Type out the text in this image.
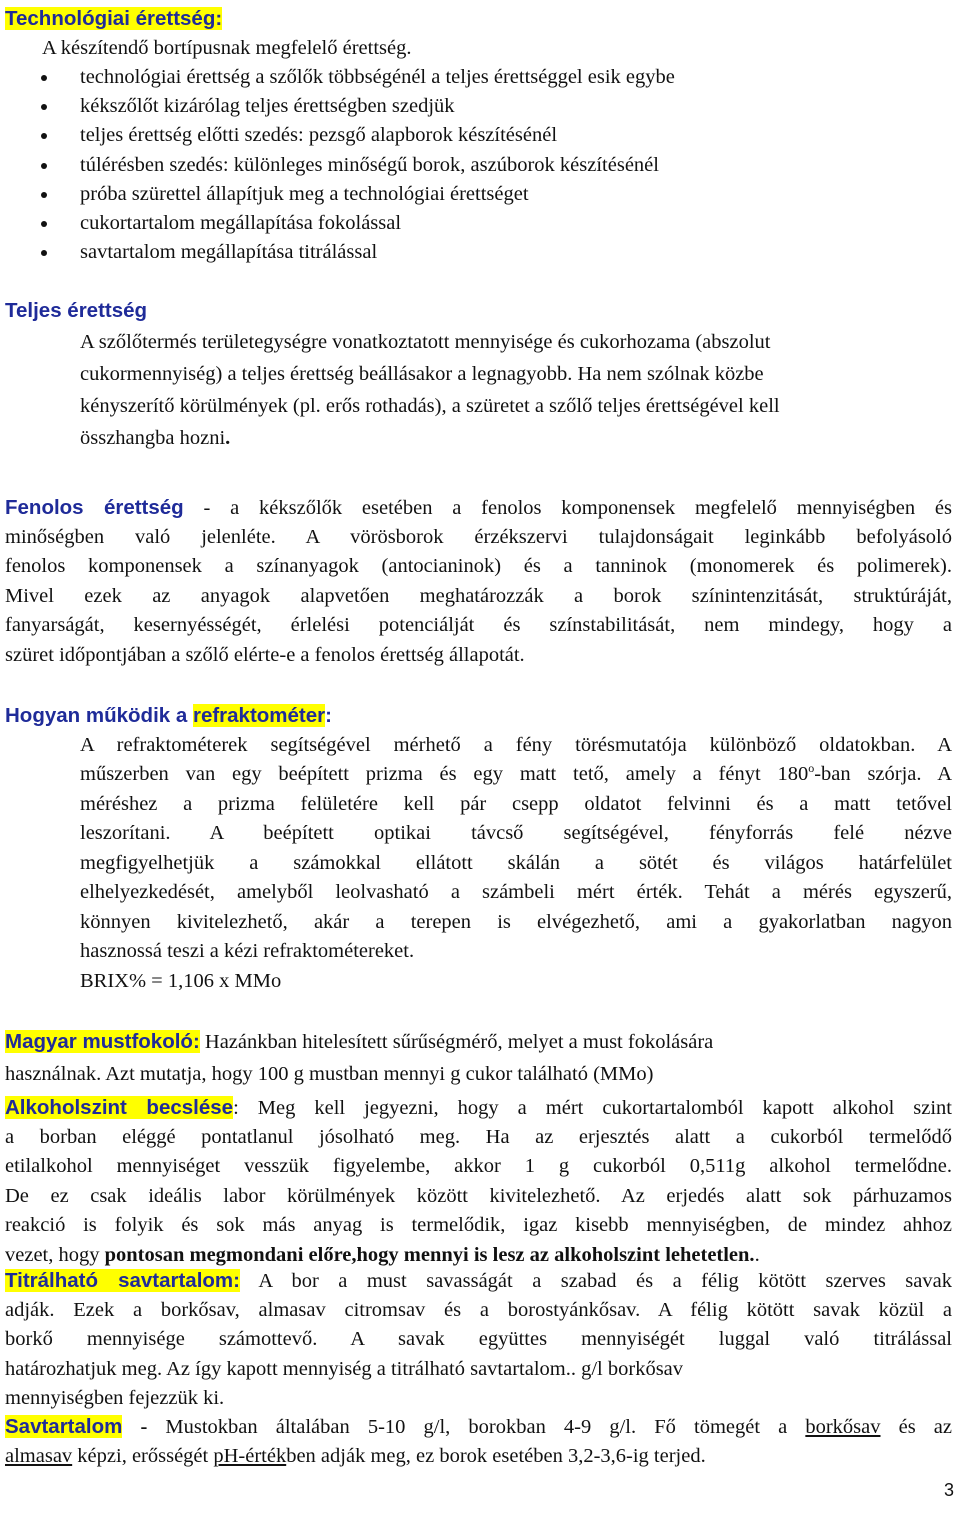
Technológiai érettség:
A készítendő bortípusnak megfelelő érettség.
technológiai érettség a szőlők többségénél a teljes érettséggel esik egybe
kékszőlőt kizárólag teljes érettségben szedjük
teljes érettség előtti szedés: pezsgő alapborok készítésénél
túlérésben szedés: különleges minőségű borok, aszúborok készítésénél
próba szürettel állapítjuk meg a technológiai érettséget
cukortartalom megállapítása fokolással
savtartalom megállapítása titrálással
Teljes érettség
A szőlőtermés területegységre vonatkoztatott mennyisége és cukorhozama (abszolut
cukormennyiség) a teljes érettség beállásakor a legnagyobb. Ha nem szólnak közbe
kényszerítő körülmények (pl. erős rothadás), a szüretet a szőlő teljes érettségével kell
összhangba hozni.
Fenolos érettség - a kékszőlők esetében a fenolos komponensek megfelelő mennyiségben és
minőségben való jelenléte. A vörösborok érzékszervi tulajdonságait leginkább befolyásoló
fenolos komponensek a színanyagok (antocianinok) és a tanninok (monomerek és polimerek).
Mivel ezek az anyagok alapvetően meghatározzák a borok színintenzitását, struktúráját,
fanyarságát, kesernyésségét, érlelési potenciálját és színstabilitását, nem mindegy, hogy a
szüret időpontjában a szőlő elérte-e a fenolos érettség állapotát.
Hogyan működik a refraktométer:
A refraktométerek segítségével mérhető a fény törésmutatója különböző oldatokban. A
műszerben van egy beépített prizma és egy matt tető, amely a fényt 180$^o$-ban szórja. A
méréshez a prizma felületére kell pár csepp oldatot felvinni és a matt tetővel
leszorítani. A beépített optikai távcső segítségével, fényforrás felé nézve
megfigyelhetjük a számokkal ellátott skálán a sötét és világos határfelület
elhelyezkedését, amelyből leolvasható a számbeli mért érték. Tehát a mérés egyszerű,
könnyen kivitelezhető, akár a terepen is elvégezhető, ami a gyakorlatban nagyon
hasznossá teszi a kézi refraktométereket.
BRIX% = 1,106 x MMo
Magyar mustfokoló: Hazánkban hitelesített sűrűségmérő, melyet a must fokolására
használnak. Azt mutatja, hogy 100 g mustban mennyi g cukor található (MMo)
Alkoholszint becslése: Meg kell jegyezni, hogy a mért cukortartalomból kapott alkohol szint
a borban eléggé pontatlanul jósolható meg. Ha az erjesztés alatt a cukorból termelődő
etilalkohol mennyiséget vesszük figyelembe, akkor 1 g cukorból 0,511g alkohol termelődne.
De ez csak ideális labor körülmények között kivitelezhető. Az erjedés alatt sok párhuzamos
reakció is folyik és sok más anyag is termelődik, igaz kisebb mennyiségben, de mindez ahhoz
vezet, hogy pontosan megmondani előre,hogy mennyi is lesz az alkoholszint lehetetlen..
Titrálható savtartalom: A bor a must savasságát a szabad és a félig kötött szerves savak
adják. Ezek a borkősav, almasav citromsav és a borostyánkősav. A félig kötött savak közül a
borkő mennyisége számottevő. A savak együttes mennyiségét luggal való titrálással
határozhatjuk meg. Az így kapott mennyiség a titrálható savtartalom.. g/l borkősav
mennyiségben fejezzük ki.
Savtartalom - Mustokban általában 5-10 g/l, borokban 4-9 g/l. Fő tömegét a borkősav és az
almasav képzi, erősségét pH-értékben adják meg, ez borok esetében 3,2-3,6-ig terjed.
3
